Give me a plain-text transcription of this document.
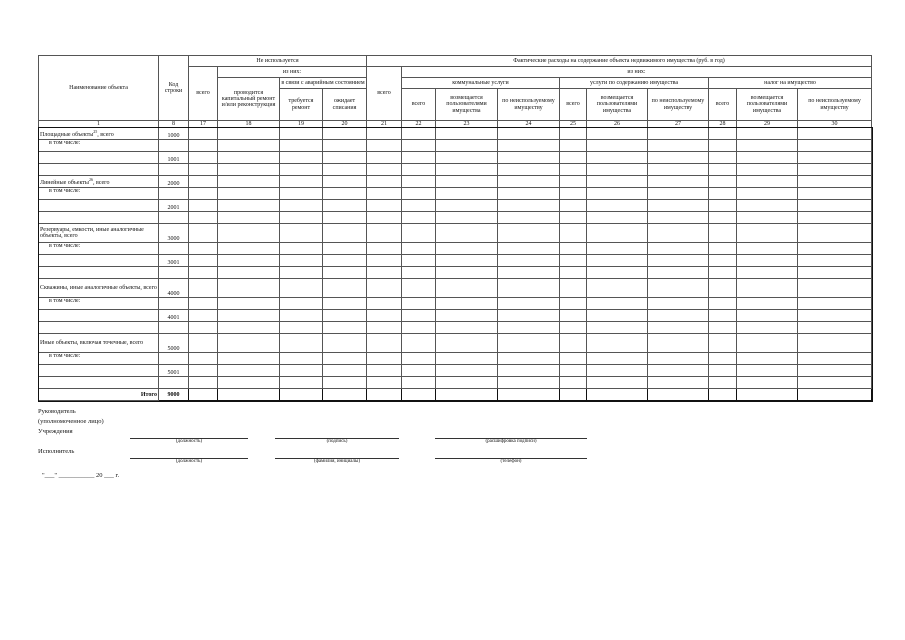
Наименование объекта	Код строки	Не используется				Фактические расходы на содержание объекта недвижимого имущества (руб. в год)									
		всего	из них:			всего	из них:								
			проводится капитальный ремонт и/или реконструкция	в связи с аварийным состоянием			коммунальные услуги			услуги по содержанию имущества			налог на имущество		
				требуется ремонт	ожидает списания		всего	возмещается пользователями имущества	по неиспользуемому имуществу	всего	возмещается пользователями имущества	по неиспользуемому имуществу	всего	возмещается пользователями имущества	по неиспользуемому имуществу
1	8	17	18	19	20	21	22	23	24	25	26	27	28	29	30
Площадные объекты$^{25}$, всего	1000														
в том числе:															
	1001														

Линейные объекты$^{26}$, всего	2000														
в том числе:															
	2001														

Резервуары, емкости, иные аналогичные объекты, всего	3000														
в том числе:															
	3001														

Скважины, иные аналогичные объекты, всего	4000														
в том числе:															
	4001														

Иные объекты, включая точечные, всего	5000														
в том числе:															
	5001														

Итого	9000														
Руководитель
(уполномоченное лицо)
Учреждения
(должность)	(подпись)	(расшифровка подписи)
Исполнитель
(должность)	(фамилия, инициалы)	(телефон)
"___" ___________ 20 ___ г.
